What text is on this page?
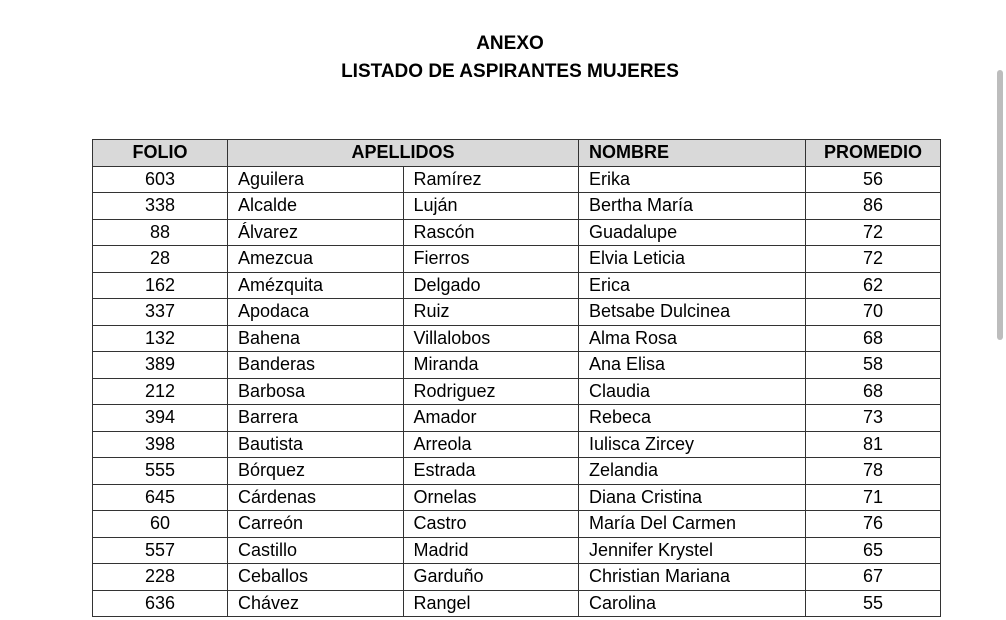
ANEXO
LISTADO DE ASPIRANTES MUJERES
FOLIO	APELLIDOS		NOMBRE	PROMEDIO
603	Aguilera	Ramírez	Erika	56
338	Alcalde	Luján	Bertha María	86
88	Álvarez	Rascón	Guadalupe	72
28	Amezcua	Fierros	Elvia Leticia	72
162	Amézquita	Delgado	Erica	62
337	Apodaca	Ruiz	Betsabe Dulcinea	70
132	Bahena	Villalobos	Alma Rosa	68
389	Banderas	Miranda	Ana Elisa	58
212	Barbosa	Rodriguez	Claudia	68
394	Barrera	Amador	Rebeca	73
398	Bautista	Arreola	Iulisca Zircey	81
555	Bórquez	Estrada	Zelandia	78
645	Cárdenas	Ornelas	Diana Cristina	71
60	Carreón	Castro	María Del Carmen	76
557	Castillo	Madrid	Jennifer Krystel	65
228	Ceballos	Garduño	Christian Mariana	67
636	Chávez	Rangel	Carolina	55
